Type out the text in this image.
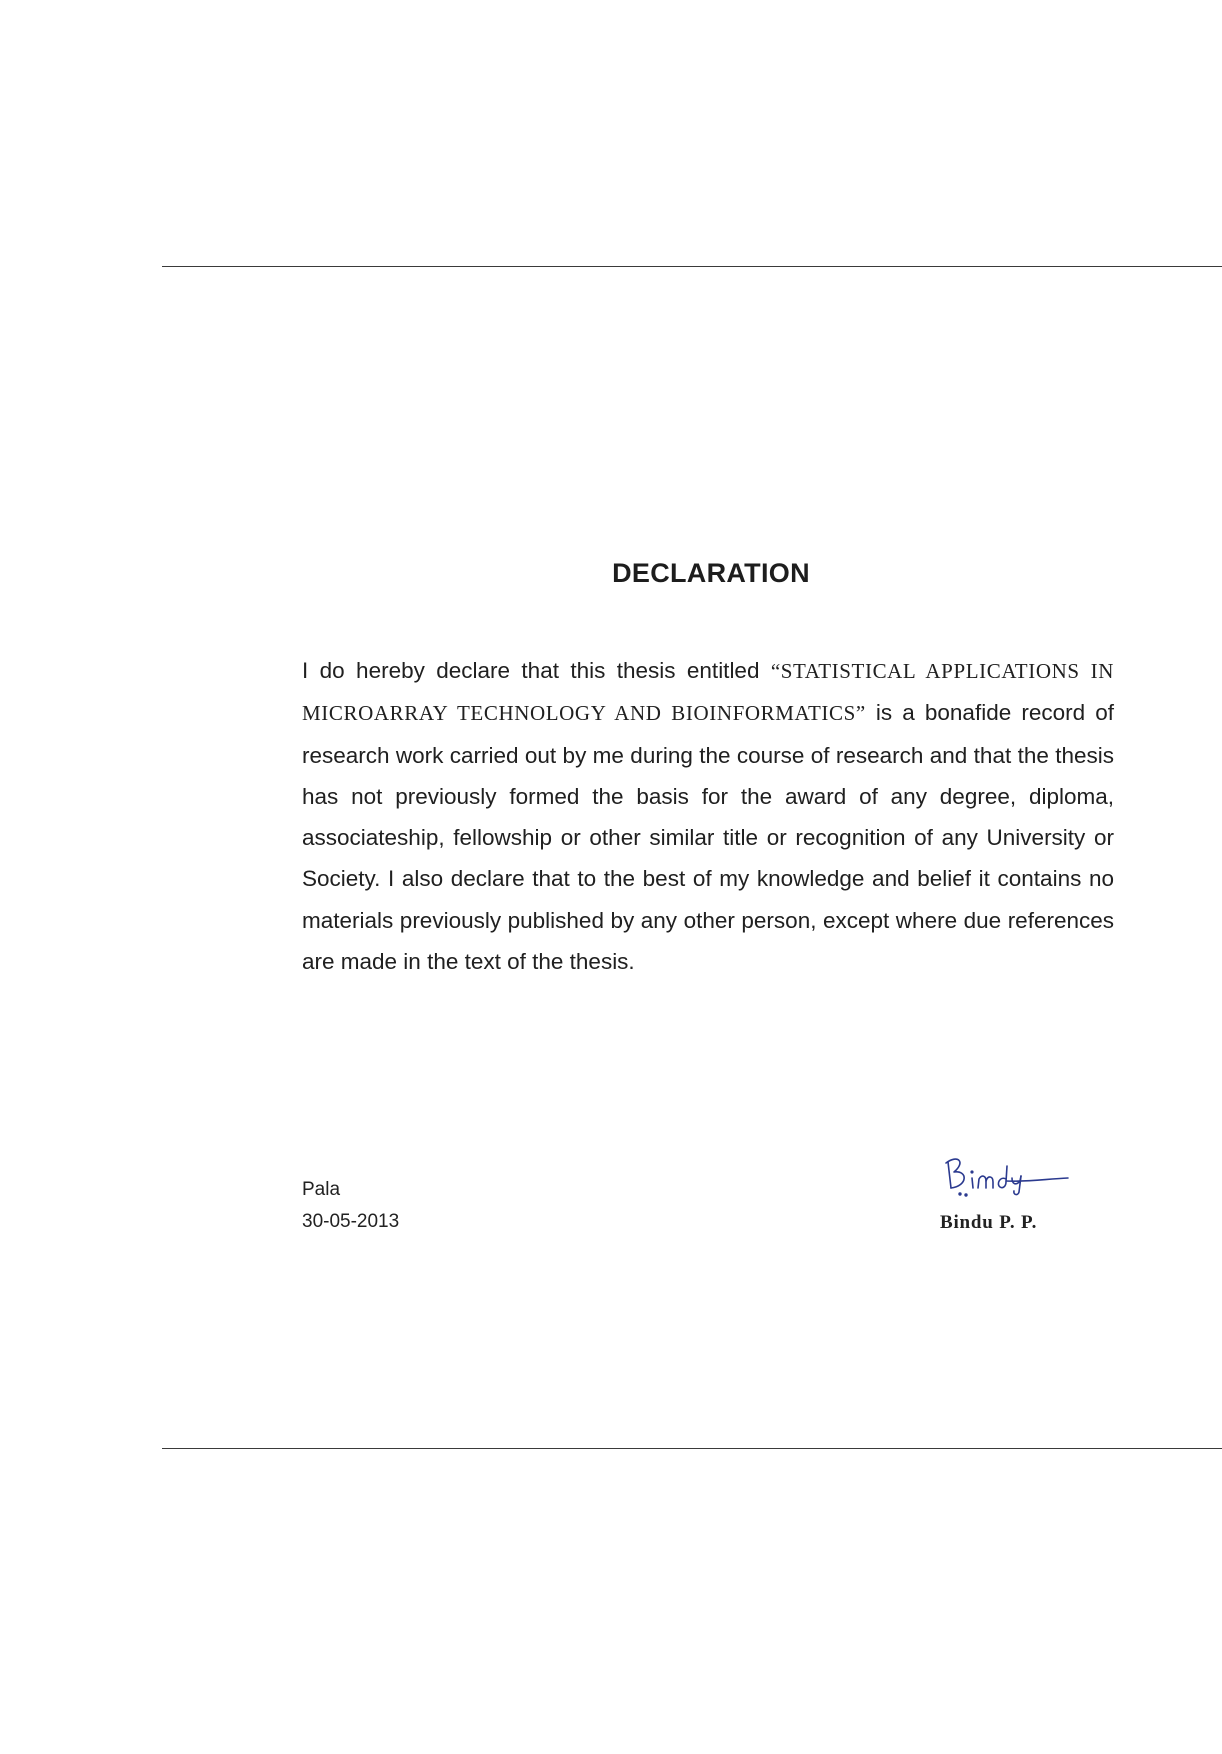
DECLARATION
I do hereby declare that this thesis entitled “STATISTICAL APPLICATIONS IN MICROARRAY TECHNOLOGY AND BIOINFORMATICS” is a bonafide record of research work carried out by me during the course of research and that the thesis has not previously formed the basis for the award of any degree, diploma, associateship, fellowship or other similar title or recognition of any University or Society. I also declare that to the best of my knowledge and belief it contains no materials previously published by any other person, except where due references are made in the text of the thesis.
Pala
30-05-2013	Bindu P. P.
